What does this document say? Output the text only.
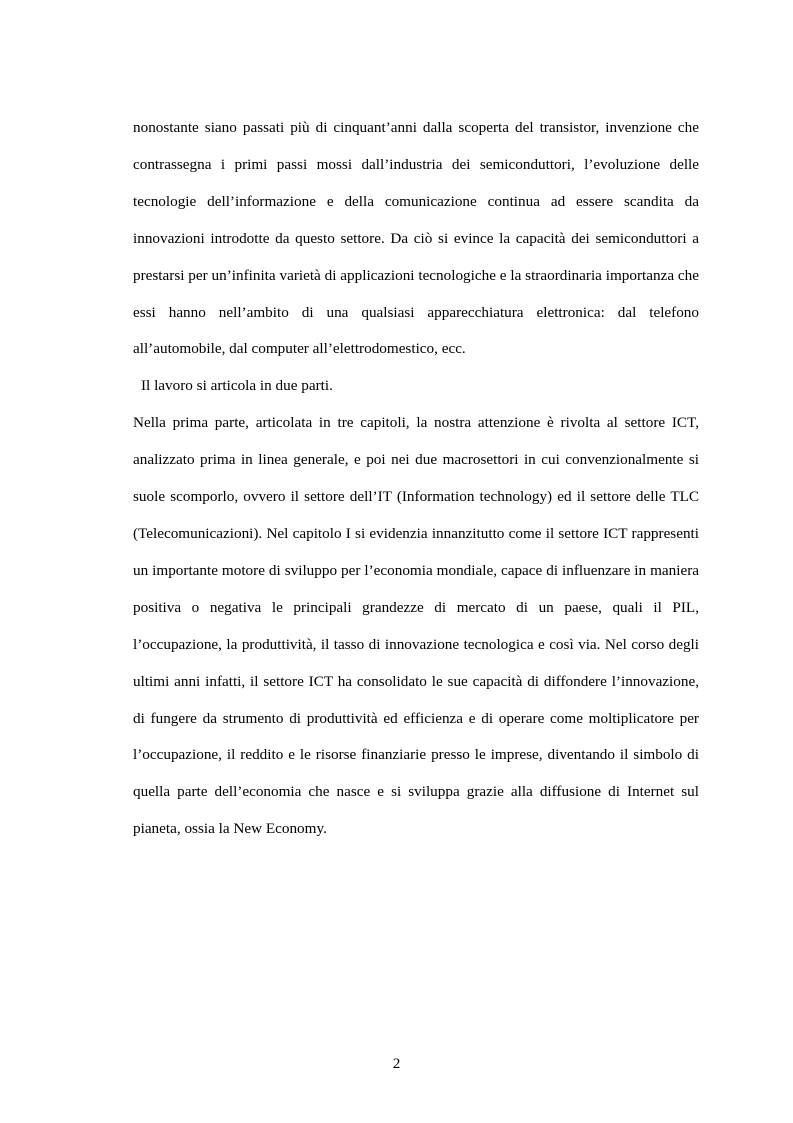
nonostante siano passati più di cinquant’anni dalla scoperta del transistor, invenzione che contrassegna i primi passi mossi dall’industria dei semiconduttori, l’evoluzione delle tecnologie dell’informazione e della comunicazione continua ad essere scandita da innovazioni introdotte da questo settore. Da ciò si evince la capacità dei semiconduttori a prestarsi per un’infinita varietà di applicazioni tecnologiche e la straordinaria importanza che essi hanno nell’ambito di una qualsiasi apparecchiatura elettronica: dal telefono all’automobile, dal computer all’elettrodomestico, ecc.

Il lavoro si articola in due parti.

Nella prima parte, articolata in tre capitoli, la nostra attenzione è rivolta al settore ICT, analizzato prima in linea generale, e poi nei due macrosettori in cui convenzionalmente si suole scomporlo, ovvero il settore dell’IT (Information technology) ed il settore delle TLC (Telecomunicazioni). Nel capitolo I si evidenzia innanzitutto come il settore ICT rappresenti un importante motore di sviluppo per l’economia mondiale, capace di influenzare in maniera positiva o negativa le principali grandezze di mercato di un paese, quali il PIL, l’occupazione, la produttività, il tasso di innovazione tecnologica e così via. Nel corso degli ultimi anni infatti, il settore ICT ha consolidato le sue capacità di diffondere l’innovazione, di fungere da strumento di produttività ed efficienza e di operare come moltiplicatore per l’occupazione, il reddito e le risorse finanziarie presso le imprese, diventando il simbolo di quella parte dell’economia che nasce e si sviluppa grazie alla diffusione di Internet sul pianeta, ossia la New Economy.

2
